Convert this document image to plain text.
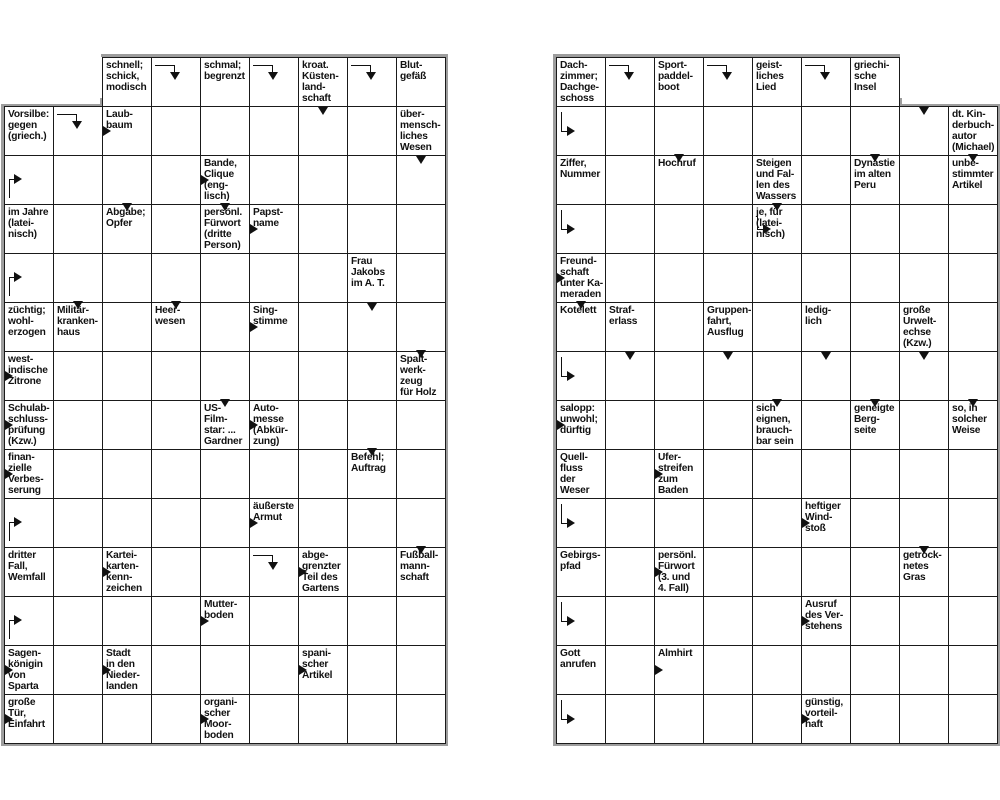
schnell;
schick,
modisch
schmal;
begrenzt
kroat.
Küsten-
land-
schaft
Blut-
gefäß
Vorsilbe:
gegen
(griech.)
Laub-
baum
über-
mensch-
liches
Wesen
Bande,
Clique
(eng-
lisch)
im Jahre
(latei-
nisch)
Abgabe;
Opfer
persönl.
Fürwort
(dritte
Person)
Papst-
name
Frau
Jakobs
im A. T.
züchtig;
wohl-
erzogen
Militär-
kranken-
haus
Heer-
wesen
Sing-
stimme
west-
indische
Zitrone
Spalt-
werk-
zeug
für Holz
Schulab-
schluss-
prüfung
(Kzw.)
US-
Film-
star: ...
Gardner
Auto-
messe
(Abkür-
zung)
finan-
zielle
Verbes-
serung
Befehl;
Auftrag
äußerste
Armut
dritter
Fall,
Wemfall
Kartei-
karten-
kenn-
zeichen
abge-
grenzter
Teil des
Gartens
Fußball-
mann-
schaft
Mutter-
boden
Sagen-
königin
von
Sparta
Stadt
in den
Nieder-
landen
spani-
scher
Artikel
große
Tür,
Einfahrt
organi-
scher
Moor-
boden
Dach-
zimmer;
Dachge-
schoss
Sport-
paddel-
boot
geist-
liches
Lied
griechi-
sche
Insel
dt. Kin-
derbuch-
autor
(Michael)
Ziffer,
Nummer
Hochruf	Steigen
und Fal-
len des
Wassers
Dynastie
im alten
Peru
unbe-
stimmter
Artikel
je, für
(latei-
nisch)
Freund-
schaft
unter Ka-
meraden
Kotelett	Straf-
erlass
Gruppen-
fahrt,
Ausflug
ledig-
lich
große
Urwelt-
echse
(Kzw.)
salopp:
unwohl;
dürftig
sich
eignen,
brauch-
bar sein
geneigte
Berg-
seite
so, in
solcher
Weise
Quell-
fluss
der
Weser
Ufer-
streifen
zum
Baden
heftiger
Wind-
stoß
Gebirgs-
pfad
persönl.
Fürwort
(3. und
4. Fall)
getrock-
netes
Gras
Ausruf
des Ver-
stehens
Gott
anrufen
Almhirt
günstig,
vorteil-
haft
